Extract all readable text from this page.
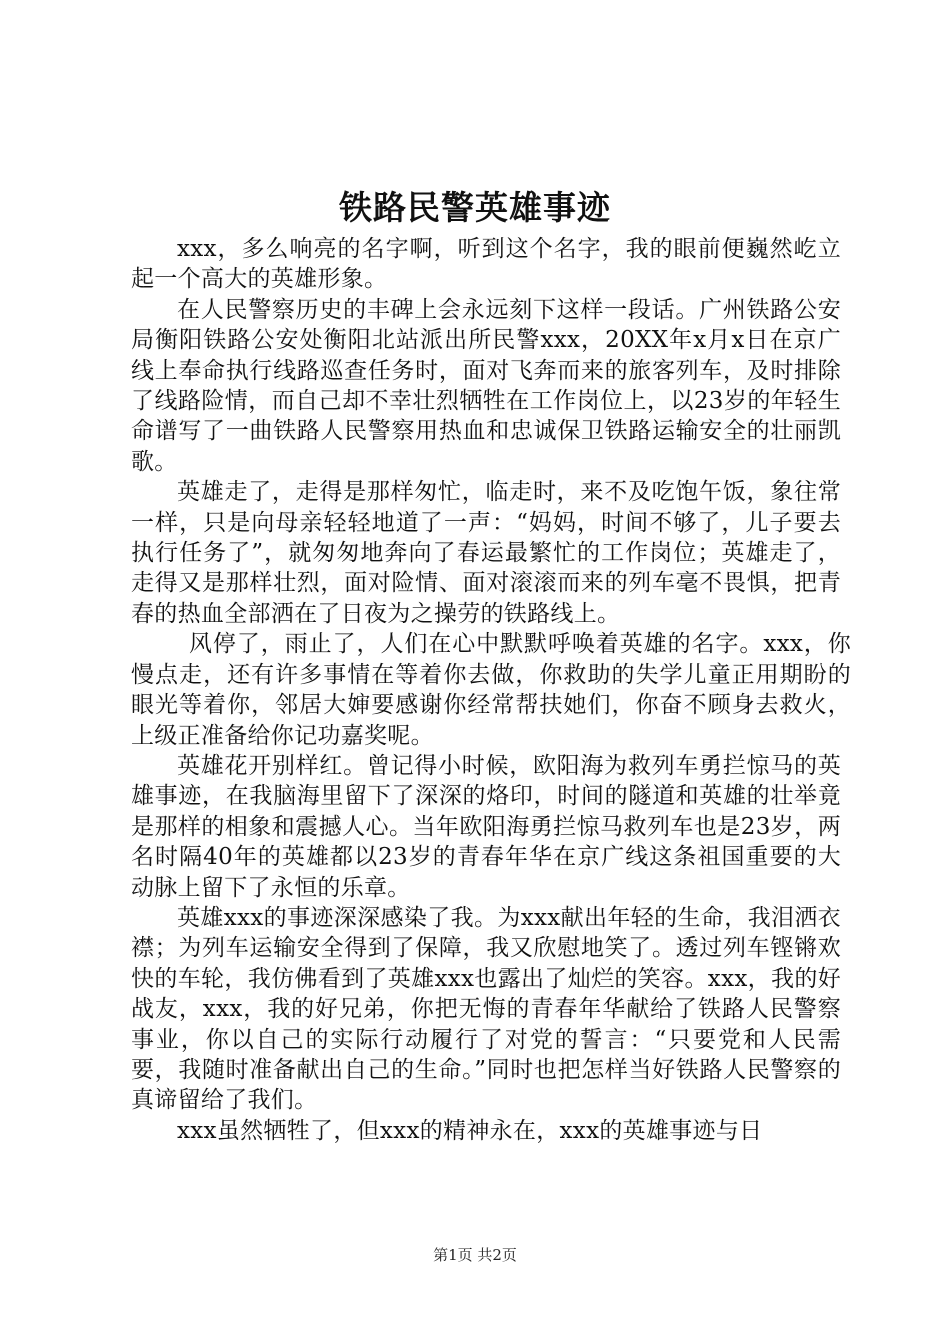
铁路民警英雄事迹

xxx，多么响亮的名字啊，听到这个名字，我的眼前便巍然屹立起一个高大的英雄形象。

在人民警察历史的丰碑上会永远刻下这样一段话。广州铁路公安局衡阳铁路公安处衡阳北站派出所民警xxx，20XX年x月x日在京广线上奉命执行线路巡查任务时，面对飞奔而来的旅客列车，及时排除了线路险情，而自己却不幸壮烈牺牲在工作岗位上，以23岁的年轻生命谱写了一曲铁路人民警察用热血和忠诚保卫铁路运输安全的壮丽凯歌。

英雄走了，走得是那样匆忙，临走时，来不及吃饱午饭，象往常一样，只是向母亲轻轻地道了一声：“妈妈，时间不够了，儿子要去执行任务了”，就匆匆地奔向了春运最繁忙的工作岗位；英雄走了，走得又是那样壮烈，面对险情、面对滚滚而来的列车毫不畏惧，把青春的热血全部洒在了日夜为之操劳的铁路线上。

风停了，雨止了，人们在心中默默呼唤着英雄的名字。xxx，你慢点走，还有许多事情在等着你去做，你救助的失学儿童正用期盼的眼光等着你，邻居大婶要感谢你经常帮扶她们，你奋不顾身去救火，上级正准备给你记功嘉奖呢。

英雄花开别样红。曾记得小时候，欧阳海为救列车勇拦惊马的英雄事迹，在我脑海里留下了深深的烙印，时间的隧道和英雄的壮举竟是那样的相象和震撼人心。当年欧阳海勇拦惊马救列车也是23岁，两名时隔40年的英雄都以23岁的青春年华在京广线这条祖国重要的大动脉上留下了永恒的乐章。

英雄xxx的事迹深深感染了我。为xxx献出年轻的生命，我泪洒衣襟；为列车运输安全得到了保障，我又欣慰地笑了。透过列车铿锵欢快的车轮，我仿佛看到了英雄xxx也露出了灿烂的笑容。xxx，我的好战友，xxx，我的好兄弟，你把无悔的青春年华献给了铁路人民警察事业，你以自己的实际行动履行了对党的誓言：“只要党和人民需要，我随时准备献出自己的生命。”同时也把怎样当好铁路人民警察的真谛留给了我们。

xxx虽然牺牲了，但xxx的精神永在，xxx的英雄事迹与日

第1页 共2页
